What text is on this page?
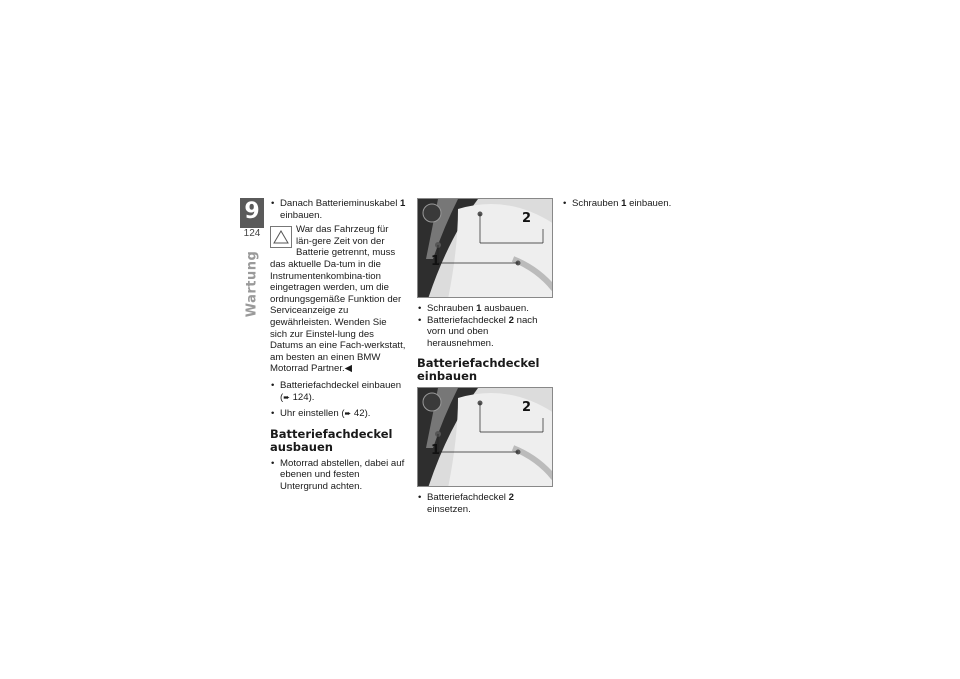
9
124
Wartung
• Danach Batterieminuskabel 1 einbauen.

War das Fahrzeug für län-gere Zeit von der Batterie getrennt, muss das aktuelle Da-tum in die Instrumentenkombina-tion eingetragen werden, um die ordnungsgemäße Funktion der Serviceanzeige zu gewährleisten. Wenden Sie sich zur Einstel-lung des Datums an eine Fach-werkstatt, am besten an einen BMW Motorrad Partner.◀

• Batteriefachdeckel einbauen (➨ 124).
• Uhr einstellen (➨ 42).
Batteriefachdeckel ausbauen
• Motorrad abstellen, dabei auf ebenen und festen Untergrund achten.
1
2
• Schrauben 1 ausbauen.
• Batteriefachdeckel 2 nach vorn und oben herausnehmen.
Batteriefachdeckel einbauen
1
2
• Batteriefachdeckel 2 einsetzen.
• Schrauben 1 einbauen.
